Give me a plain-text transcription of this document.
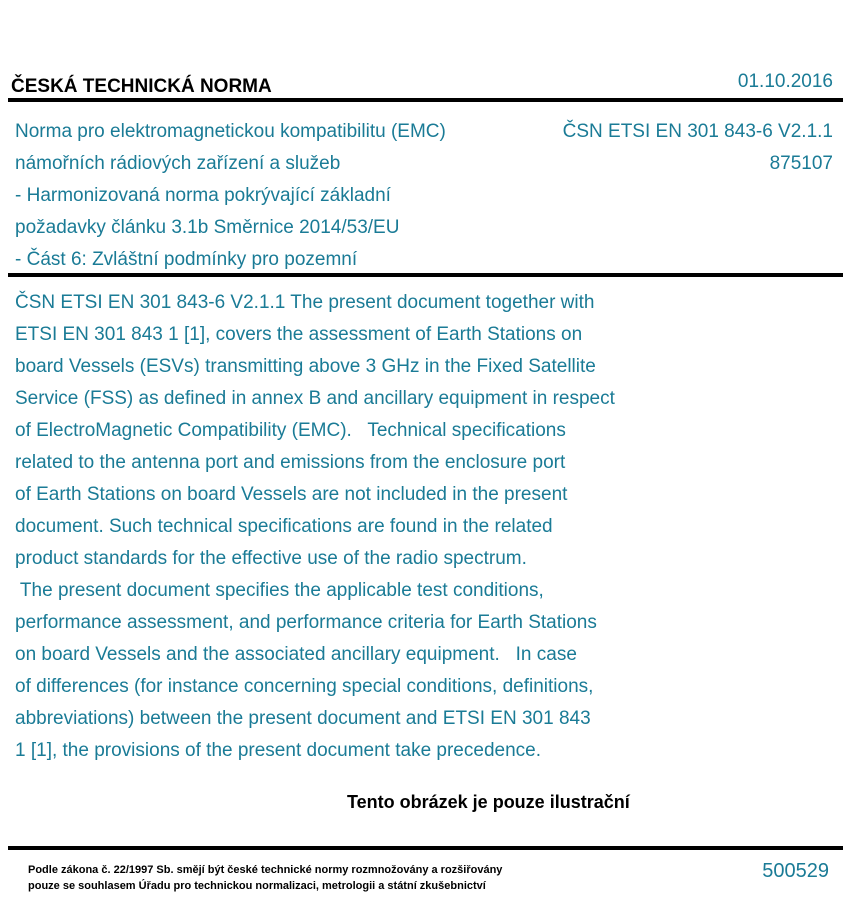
ČESKÁ TECHNICKÁ NORMA	01.10.2016
Norma pro elektromagnetickou kompatibilitu (EMC)
námořních rádiových zařízení a služeb
- Harmonizovaná norma pokrývající základní
požadavky článku 3.1b Směrnice 2014/53/EU
- Část 6: Zvláštní podmínky pro pozemní
ČSN ETSI EN 301 843-6 V2.1.1
875107
ČSN ETSI EN 301 843-6 V2.1.1 The present document together with
ETSI EN 301 843 1 [1], covers the assessment of Earth Stations on
board Vessels (ESVs) transmitting above 3 GHz in the Fixed Satellite
Service (FSS) as defined in annex B and ancillary equipment in respect
of ElectroMagnetic Compatibility (EMC).   Technical specifications
related to the antenna port and emissions from the enclosure port
of Earth Stations on board Vessels are not included in the present
document. Such technical specifications are found in the related
product standards for the effective use of the radio spectrum.
The present document specifies the applicable test conditions,
performance assessment, and performance criteria for Earth Stations
on board Vessels and the associated ancillary equipment.   In case
of differences (for instance concerning special conditions, definitions,
abbreviations) between the present document and ETSI EN 301 843
1 [1], the provisions of the present document take precedence.
Tento obrázek je pouze ilustrační
Podle zákona č. 22/1997 Sb. smějí být české technické normy rozmnožovány a rozšiřovány
pouze se souhlasem Úřadu pro technickou normalizaci, metrologii a státní zkušebnictví
500529
